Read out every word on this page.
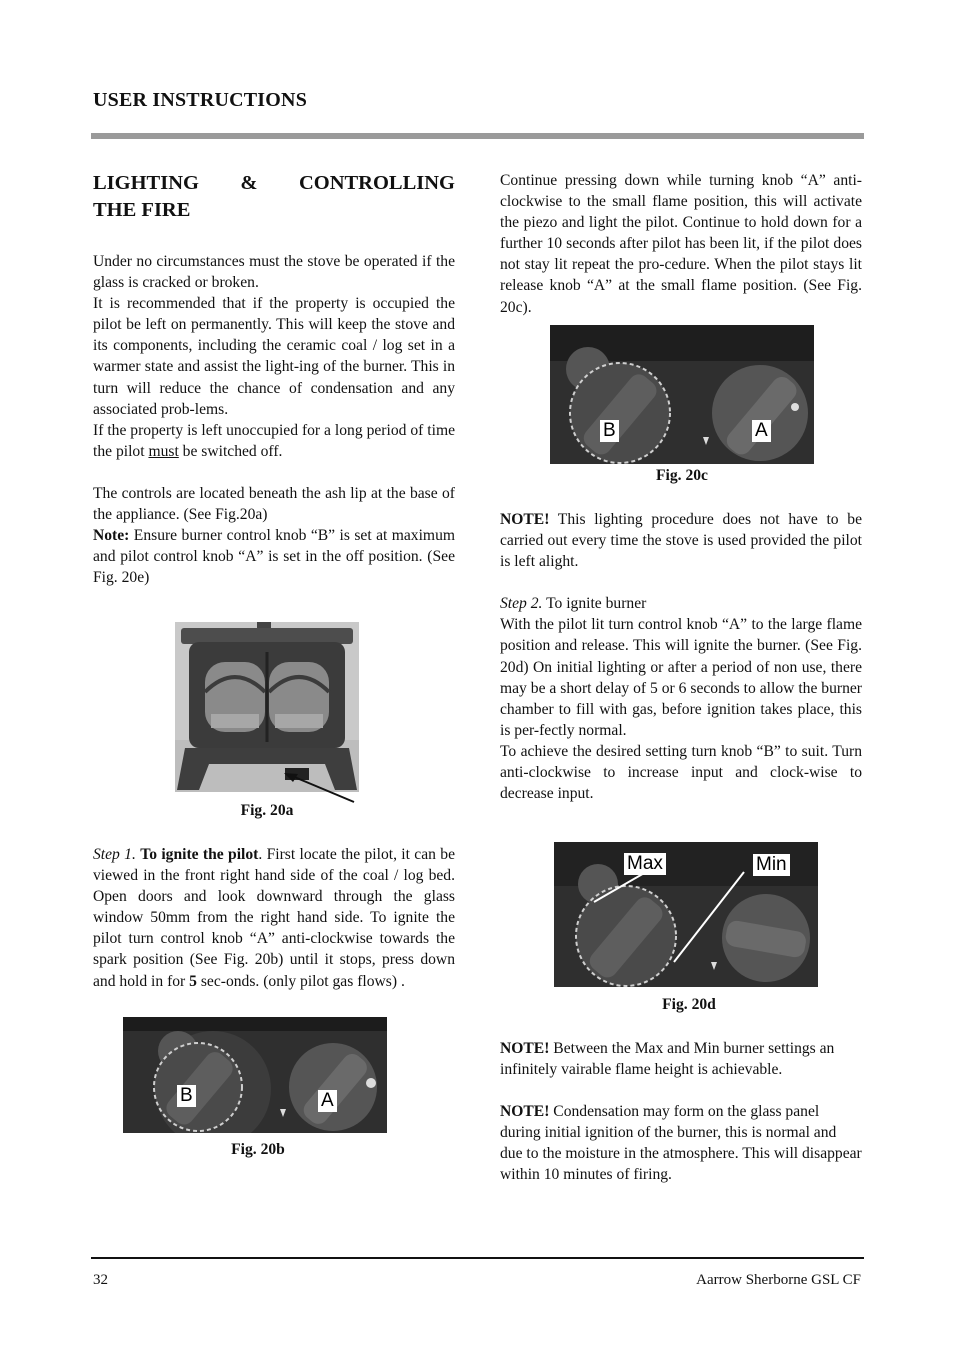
USER INSTRUCTIONS
LIGHTING & CONTROLLING
THE FIRE

Under no circumstances must the stove be operated if the glass is cracked or broken.

It is recommended that if the property is occupied the pilot be left on permanently. This will keep the stove and its components, including the ceramic coal / log set in a warmer state and assist the light-ing of the burner. This in turn will reduce the chance of condensation and any associated prob-lems.

If the property is left unoccupied for a long period of time the pilot must be switched off.

The controls are located beneath the ash lip at the base of the appliance. (See Fig.20a)

Note: Ensure burner control knob “B” is set at maximum and pilot control knob “A” is set in the off position. (See Fig. 20e)

Fig. 20a

Step 1. To ignite the pilot. First locate the pilot, it can be viewed in the front right hand side of the coal / log bed. Open doors and look downward through the glass window 50mm from the right hand side. To ignite the pilot turn control knob “A” anti-clockwise towards the spark position (See Fig. 20b) until it stops, press down and hold in for 5 sec-onds. (only pilot gas flows) .

B	A
Fig. 20b

Continue pressing down while turning knob “A” anti-clockwise to the small flame position, this will activate the piezo and light the pilot. Continue to hold down for a further 10 seconds after pilot has been lit, if the pilot does not stay lit repeat the pro-cedure. When the pilot stays lit release knob “A” at the small flame position. (See Fig. 20c).

B	A
Fig. 20c

NOTE! This lighting procedure does not have to be carried out every time the stove is used provided the pilot is left alight.

Step 2. To ignite burner

With the pilot lit turn control knob “A” to the large flame position and release. This will ignite the burner. (See Fig. 20d) On initial lighting or after a period of non use, there may be a short delay of 5 or 6 seconds to allow the burner chamber to fill with gas, before ignition takes place, this is per-fectly normal.

To achieve the desired setting turn knob “B” to suit. Turn anti-clockwise to increase input and clock-wise to decrease input.

Max	Min
Fig. 20d

NOTE! Between the Max and Min burner settings an infinitely vairable flame height is achievable.

NOTE! Condensation may form on the glass panel during initial ignition of the burner, this is normal and due to the moisture in the atmosphere. This will disappear within 10 minutes of firing.

32	Aarrow Sherborne GSL CF
